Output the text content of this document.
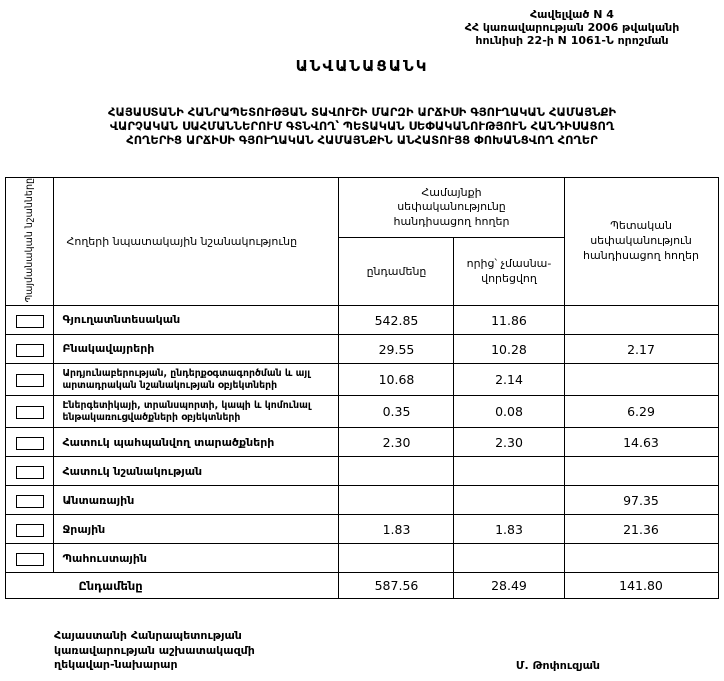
Հավելված N 4
ՀՀ կառավարության 2006 թվականի
հունիսի 22-ի N 1061-Ն որոշման
ԱՆՎԱՆԱՑԱՆԿ
ՀԱՅԱՍՏԱՆԻ ՀԱՆՐԱՊԵՏՈՒԹՅԱՆ ՏԱՎՈՒՇԻ ՄԱՐԶԻ ԱՐՃԻՍԻ ԳՅՈՒՂԱԿԱՆ ՀԱՄԱՅՆՔԻ
ՎԱՐՉԱԿԱՆ ՍԱՀՄԱՆՆԵՐՈՒՄ ԳՏՆՎՈՂ՝ ՊԵՏԱԿԱՆ ՍԵՓԱԿԱՆՈՒԹՅՈՒՆ ՀԱՆԴԻՍԱՑՈՂ
ՀՈՂԵՐԻՑ ԱՐՃԻՍԻ ԳՅՈՒՂԱԿԱՆ ՀԱՄԱՅՆՔԻՆ ԱՆՀԱՏՈՒՅՑ ՓՈԽԱՆՑՎՈՂ ՀՈՂԵՐ
Պայմանական նշանները	Հողերի նպատակային նշանակությունը	Համայնքի սեփականությունը հանդիսացող հողեր		Պետական սեփականություն հանդիսացող հողեր
		ընդամենը	որից՝ չմասնա-վորեցվող	
	Գյուղատնտեսական	542.85	11.86	
	Բնակավայրերի	29.55	10.28	2.17
	Արդյունաբերության, ընդերքօգտագործման և այլ արտադրական նշանակության օբյեկտների	10.68	2.14	
	Էներգետիկայի, տրանսպորտի, կապի և կոմունալ ենթակառուցվածքների օբյեկտների	0.35	0.08	6.29
	Հատուկ պահպանվող տարածքների	2.30	2.30	14.63
	Հատուկ նշանակության			
	Անտառային			97.35
	Ջրային	1.83	1.83	21.36
	Պահուստային			
Ընդամենը		587.56	28.49	141.80
Հայաստանի Հանրապետության
կառավարության աշխատակազմի
ղեկավար-նախարար	Մ. Թոփուզյան
